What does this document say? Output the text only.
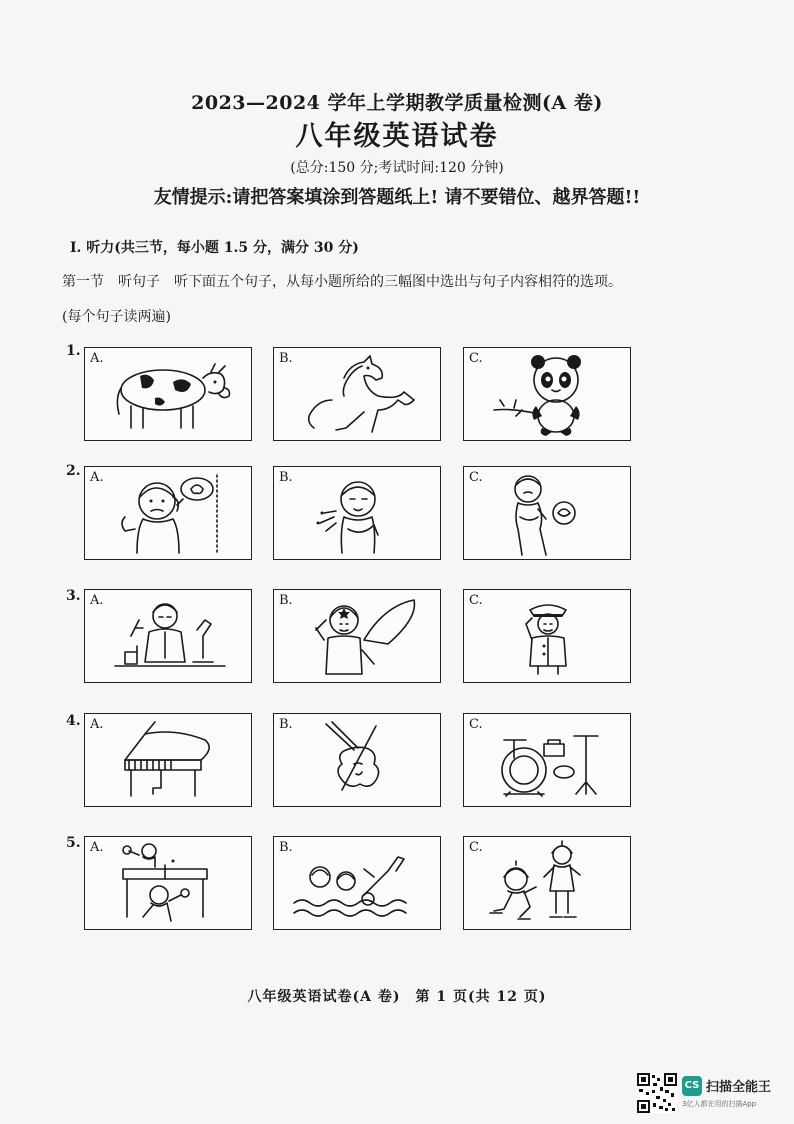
2023—2024 学年上学期教学质量检测(A 卷)
八年级英语试卷
(总分:150 分;考试时间:120 分钟)
友情提示:请把答案填涂到答题纸上! 请不要错位、越界答题!!
I. 听力(共三节，每小题 1.5 分，满分 30 分)
第一节　听句子　听下面五个句子，从每小题所给的三幅图中选出与句子内容相符的选项。
(每个句子读两遍)
1. A.	B.	C.
2. A.	B.	C.
3. A.	B.	C.
4. A.	B.	C.
5. A.	B.	C.
八年级英语试卷(A 卷)　第 1 页(共 12 页)
CS 扫描全能王
3亿人都在用的扫描App
